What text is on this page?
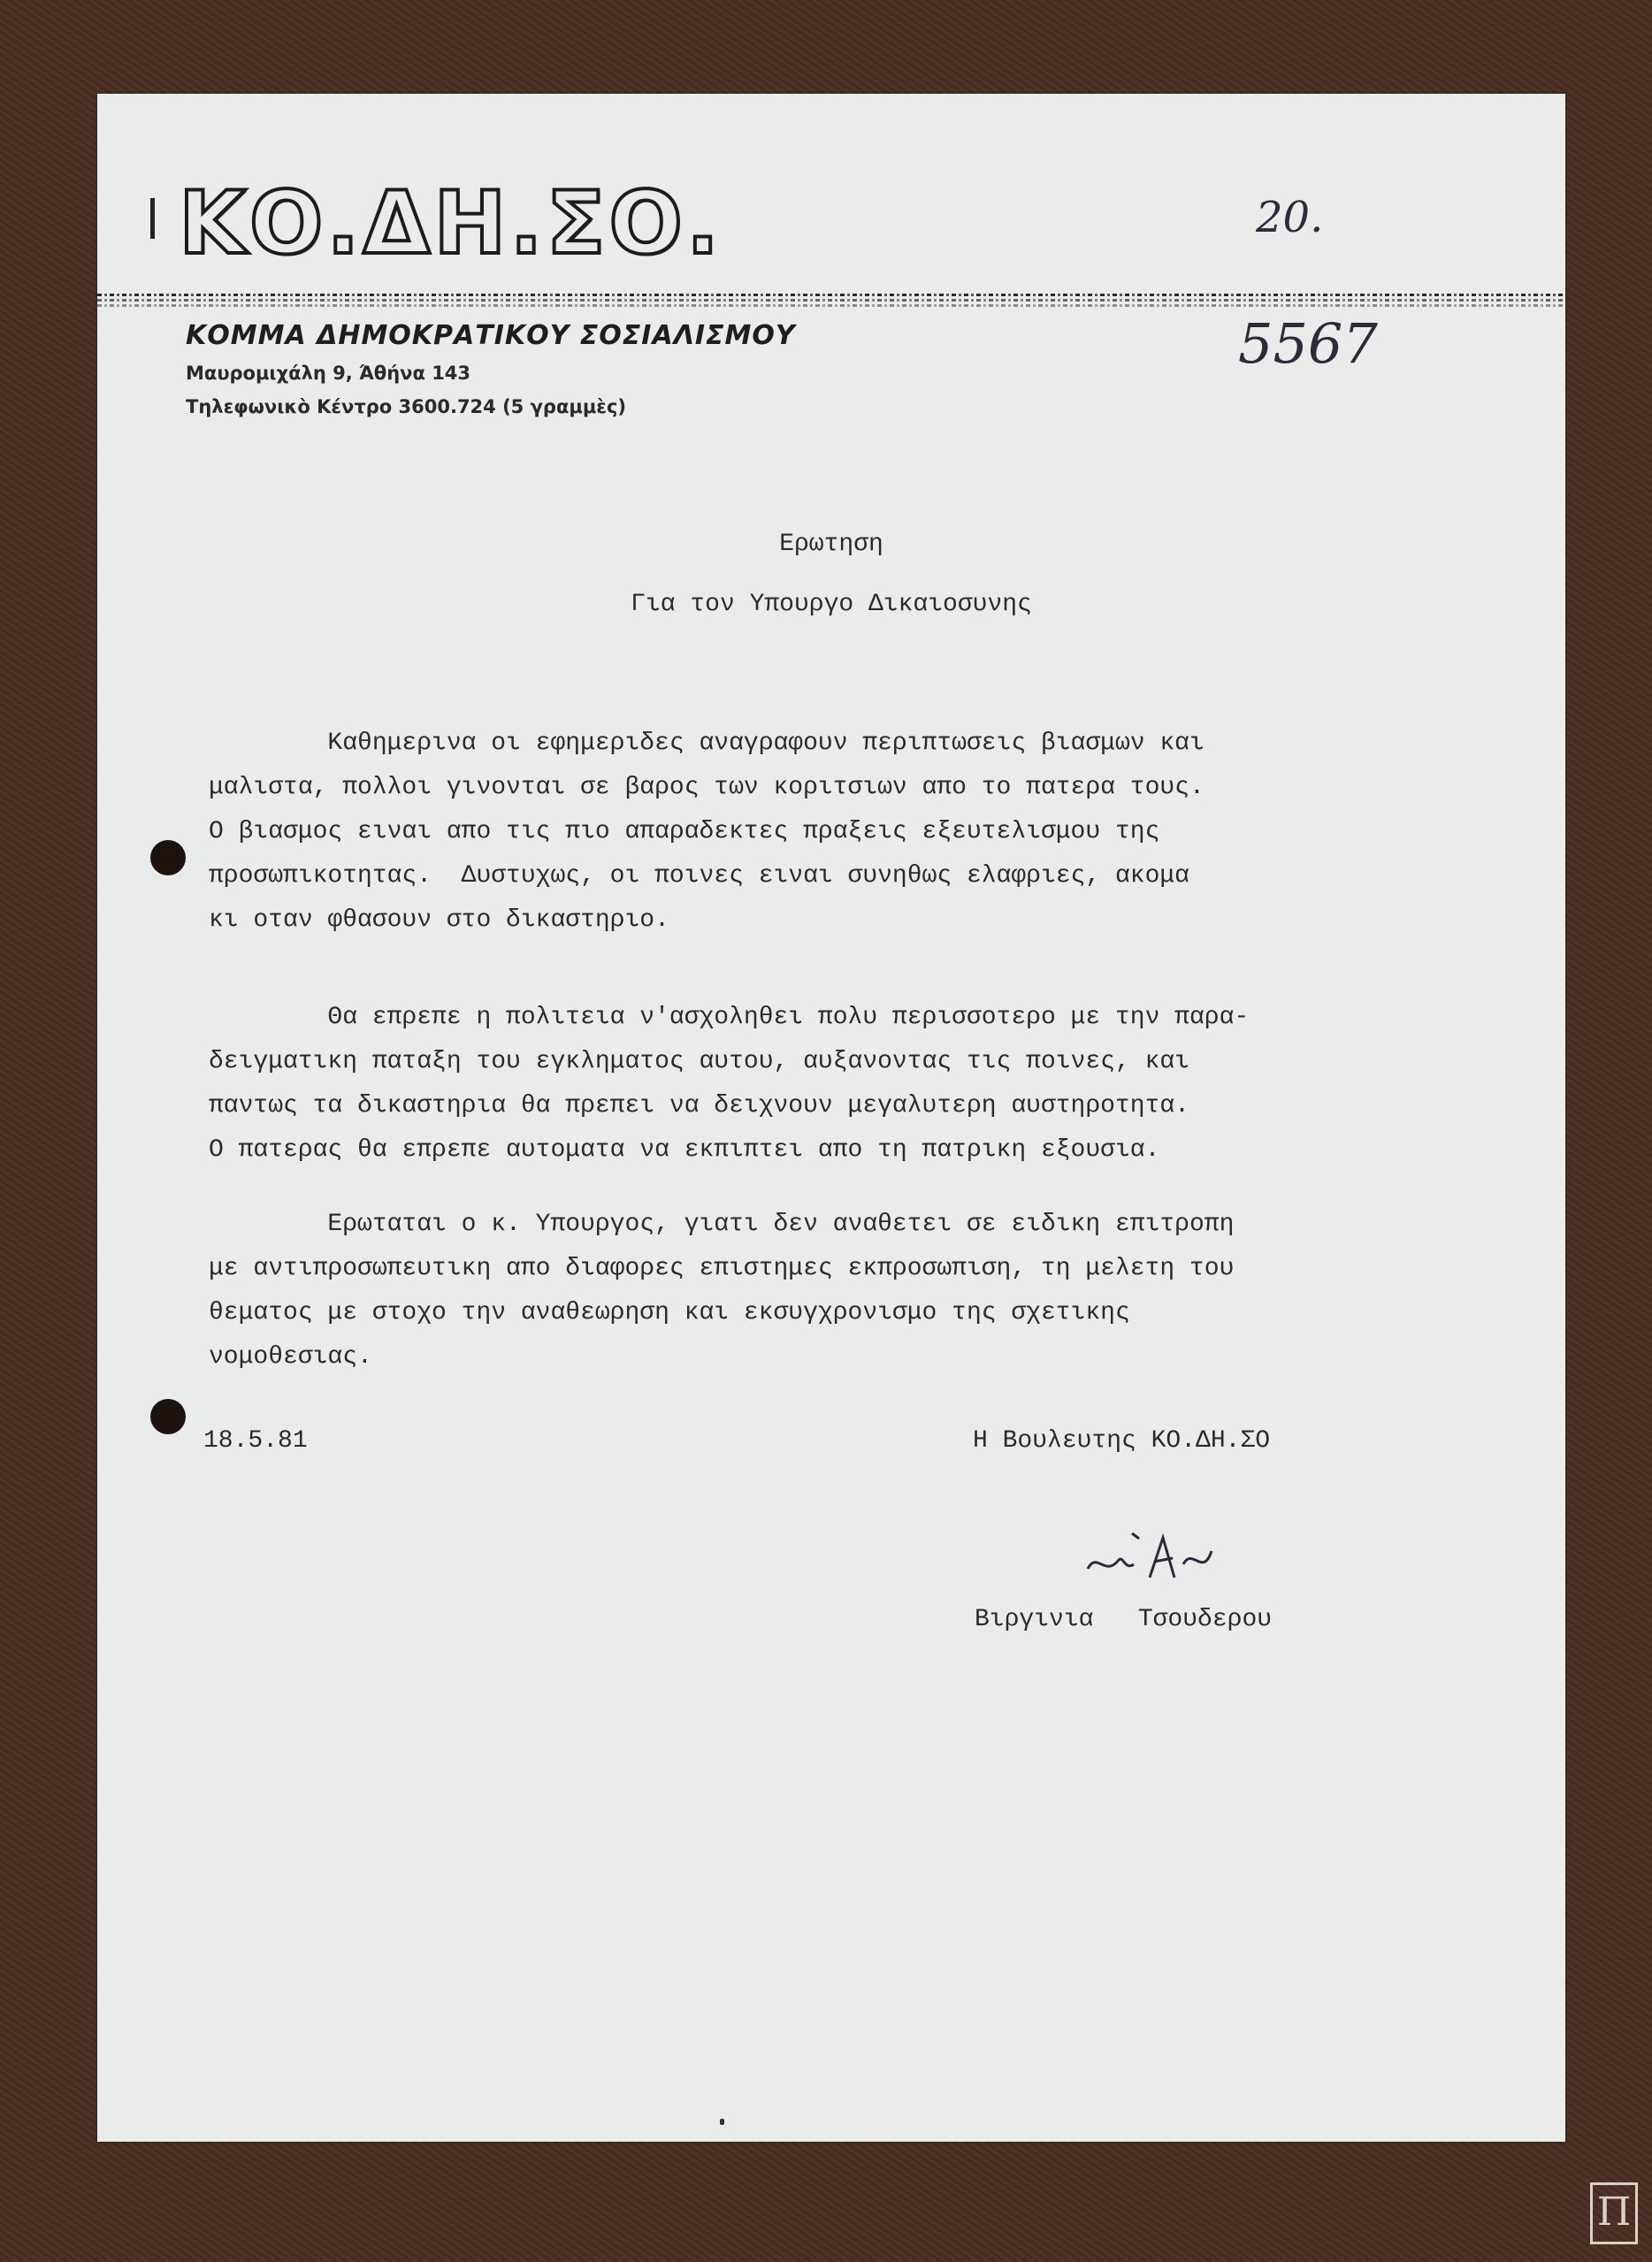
ΚΟ.ΔΗ.ΣΟ.
ΚΟΜΜΑ ΔΗΜΟΚΡΑΤΙΚΟΥ ΣΟΣΙΑΛΙΣΜΟΥ
Μαυρομιχάλη 9, Άθήνα 143
Τηλεφωνικὸ Κέντρο 3600.724 (5 γραμμὲς)
20.
5567
Ερωτηση
Για τον Υπουργο Δικαιοσυνης
Καθημερινα οι εφημεριδες αναγραφουν περιπτωσεις βιασμων και
μαλιστα, πολλοι γινονται σε βαρος των κοριτσιων απο το πατερα τους.
Ο βιασμος ειναι απο τις πιο απαραδεκτες πραξεις εξευτελισμου της
προσωπικοτητας.  Δυστυχως, οι ποινες ειναι συνηθως ελαφριες, ακομα
κι οταν φθασουν στο δικαστηριο.
Θα επρεπε η πολιτεια ν'ασχοληθει πολυ περισσοτερο με την παρα-
δειγματικη παταξη του εγκληματος αυτου, αυξανοντας τις ποινες, και
παντως τα δικαστηρια θα πρεπει να δειχνουν μεγαλυτερη αυστηροτητα.
Ο πατερας θα επρεπε αυτοματα να εκπιπτει απο τη πατρικη εξουσια.
Ερωταται ο κ. Υπουργος, γιατι δεν αναθετει σε ειδικη επιτροπη
με αντιπροσωπευτικη απο διαφορες επιστημες εκπροσωπιση, τη μελετη του
θεματος με στοχο την αναθεωρηση και εκσυγχρονισμο της σχετικης
νομοθεσιας.
18.5.81	Η Βουλευτης ΚΟ.ΔΗ.ΣΟ
Βιργινια   Τσουδερου
Π
